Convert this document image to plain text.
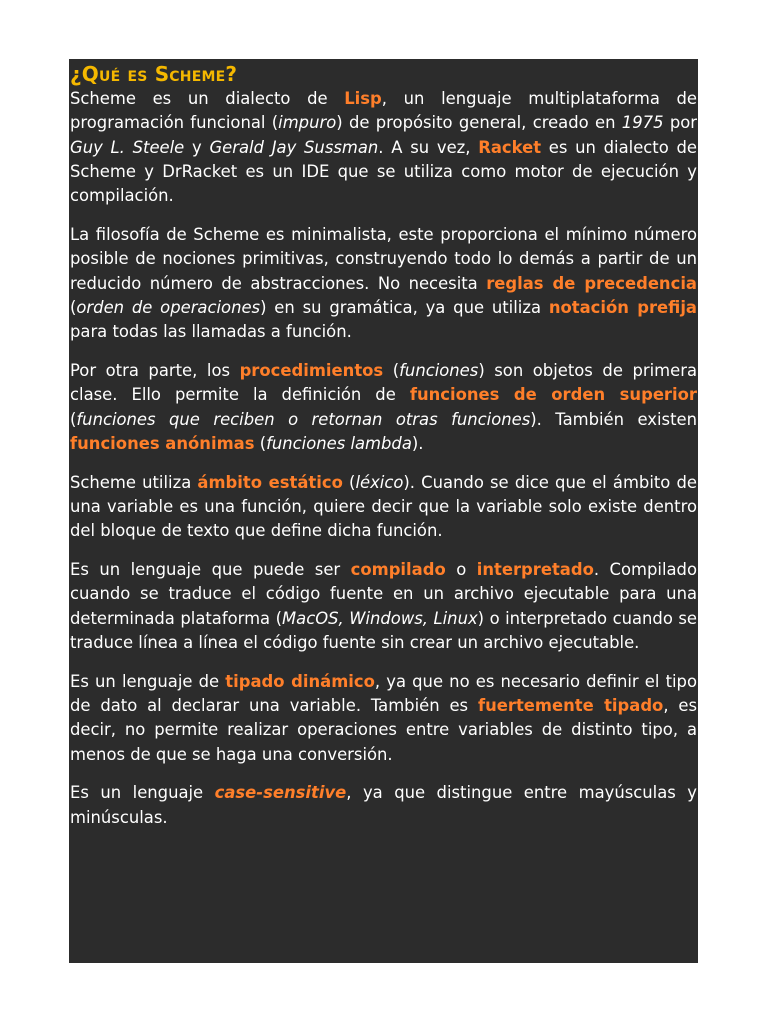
¿Qué es Scheme?

Scheme es un dialecto de Lisp, un lenguaje multiplataforma de programación funcional (impuro) de propósito general, creado en 1975 por Guy L. Steele y Gerald Jay Sussman. A su vez, Racket es un dialecto de Scheme y DrRacket es un IDE que se utiliza como motor de ejecución y compilación.

La filosofía de Scheme es minimalista, este proporciona el mínimo número posible de nociones primitivas, construyendo todo lo demás a partir de un reducido número de abstracciones. No necesita reglas de precedencia (orden de operaciones) en su gramática, ya que utiliza notación prefija para todas las llamadas a función.

Por otra parte, los procedimientos (funciones) son objetos de primera clase. Ello permite la definición de funciones de orden superior (funciones que reciben o retornan otras funciones). También existen funciones anónimas (funciones lambda).

Scheme utiliza ámbito estático (léxico). Cuando se dice que el ámbito de una variable es una función, quiere decir que la variable solo existe dentro del bloque de texto que define dicha función.

Es un lenguaje que puede ser compilado o interpretado. Compilado cuando se traduce el código fuente en un archivo ejecutable para una determinada plataforma (MacOS, Windows, Linux) o interpretado cuando se traduce línea a línea el código fuente sin crear un archivo ejecutable.

Es un lenguaje de tipado dinámico, ya que no es necesario definir el tipo de dato al declarar una variable. También es fuertemente tipado, es decir, no permite realizar operaciones entre variables de distinto tipo, a menos de que se haga una conversión.

Es un lenguaje case-sensitive, ya que distingue entre mayúsculas y minúsculas.
